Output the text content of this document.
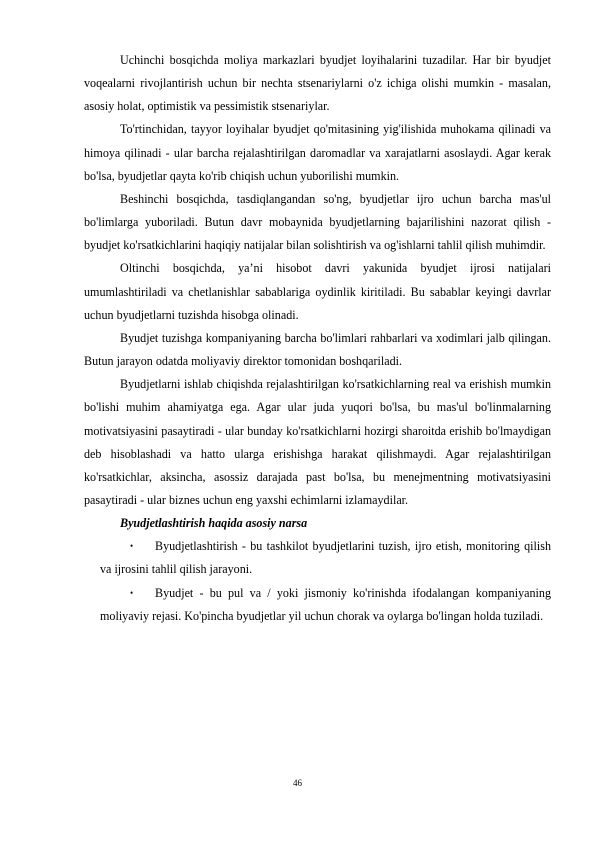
Uchinchi bosqichda moliya markazlari byudjet loyihalarini tuzadilar. Har bir byudjet voqealarni rivojlantirish uchun bir nechta stsenariylarni o'z ichiga olishi mumkin - masalan, asosiy holat, optimistik va pessimistik stsenariylar.

To'rtinchidan, tayyor loyihalar byudjet qo'mitasining yig'ilishida muhokama qilinadi va himoya qilinadi - ular barcha rejalashtirilgan daromadlar va xarajatlarni asoslaydi. Agar kerak bo'lsa, byudjetlar qayta ko'rib chiqish uchun yuborilishi mumkin.

Beshinchi bosqichda, tasdiqlangandan so'ng, byudjetlar ijro uchun barcha mas'ul bo'limlarga yuboriladi. Butun davr mobaynida byudjetlarning bajarilishini nazorat qilish - byudjet ko'rsatkichlarini haqiqiy natijalar bilan solishtirish va og'ishlarni tahlil qilish muhimdir.

Oltinchi bosqichda, ya’ni hisobot davri yakunida byudjet ijrosi natijalari umumlashtiriladi va chetlanishlar sabablariga oydinlik kiritiladi. Bu sabablar keyingi davrlar uchun byudjetlarni tuzishda hisobga olinadi.

Byudjet tuzishga kompaniyaning barcha bo'limlari rahbarlari va xodimlari jalb qilingan. Butun jarayon odatda moliyaviy direktor tomonidan boshqariladi.

Byudjetlarni ishlab chiqishda rejalashtirilgan ko'rsatkichlarning real va erishish mumkin bo'lishi muhim ahamiyatga ega. Agar ular juda yuqori bo'lsa, bu mas'ul bo'linmalarning motivatsiyasini pasaytiradi - ular bunday ko'rsatkichlarni hozirgi sharoitda erishib bo'lmaydigan deb hisoblashadi va hatto ularga erishishga harakat qilishmaydi. Agar rejalashtirilgan ko'rsatkichlar, aksincha, asossiz darajada past bo'lsa, bu menejmentning motivatsiyasini pasaytiradi - ular biznes uchun eng yaxshi echimlarni izlamaydilar.

Byudjetlashtirish haqida asosiy narsa

• Byudjetlashtirish - bu tashkilot byudjetlarini tuzish, ijro etish, monitoring qilish va ijrosini tahlil qilish jarayoni.
• Byudjet - bu pul va / yoki jismoniy ko'rinishda ifodalangan kompaniyaning moliyaviy rejasi. Ko'pincha byudjetlar yil uchun chorak va oylarga bo'lingan holda tuziladi.
46
